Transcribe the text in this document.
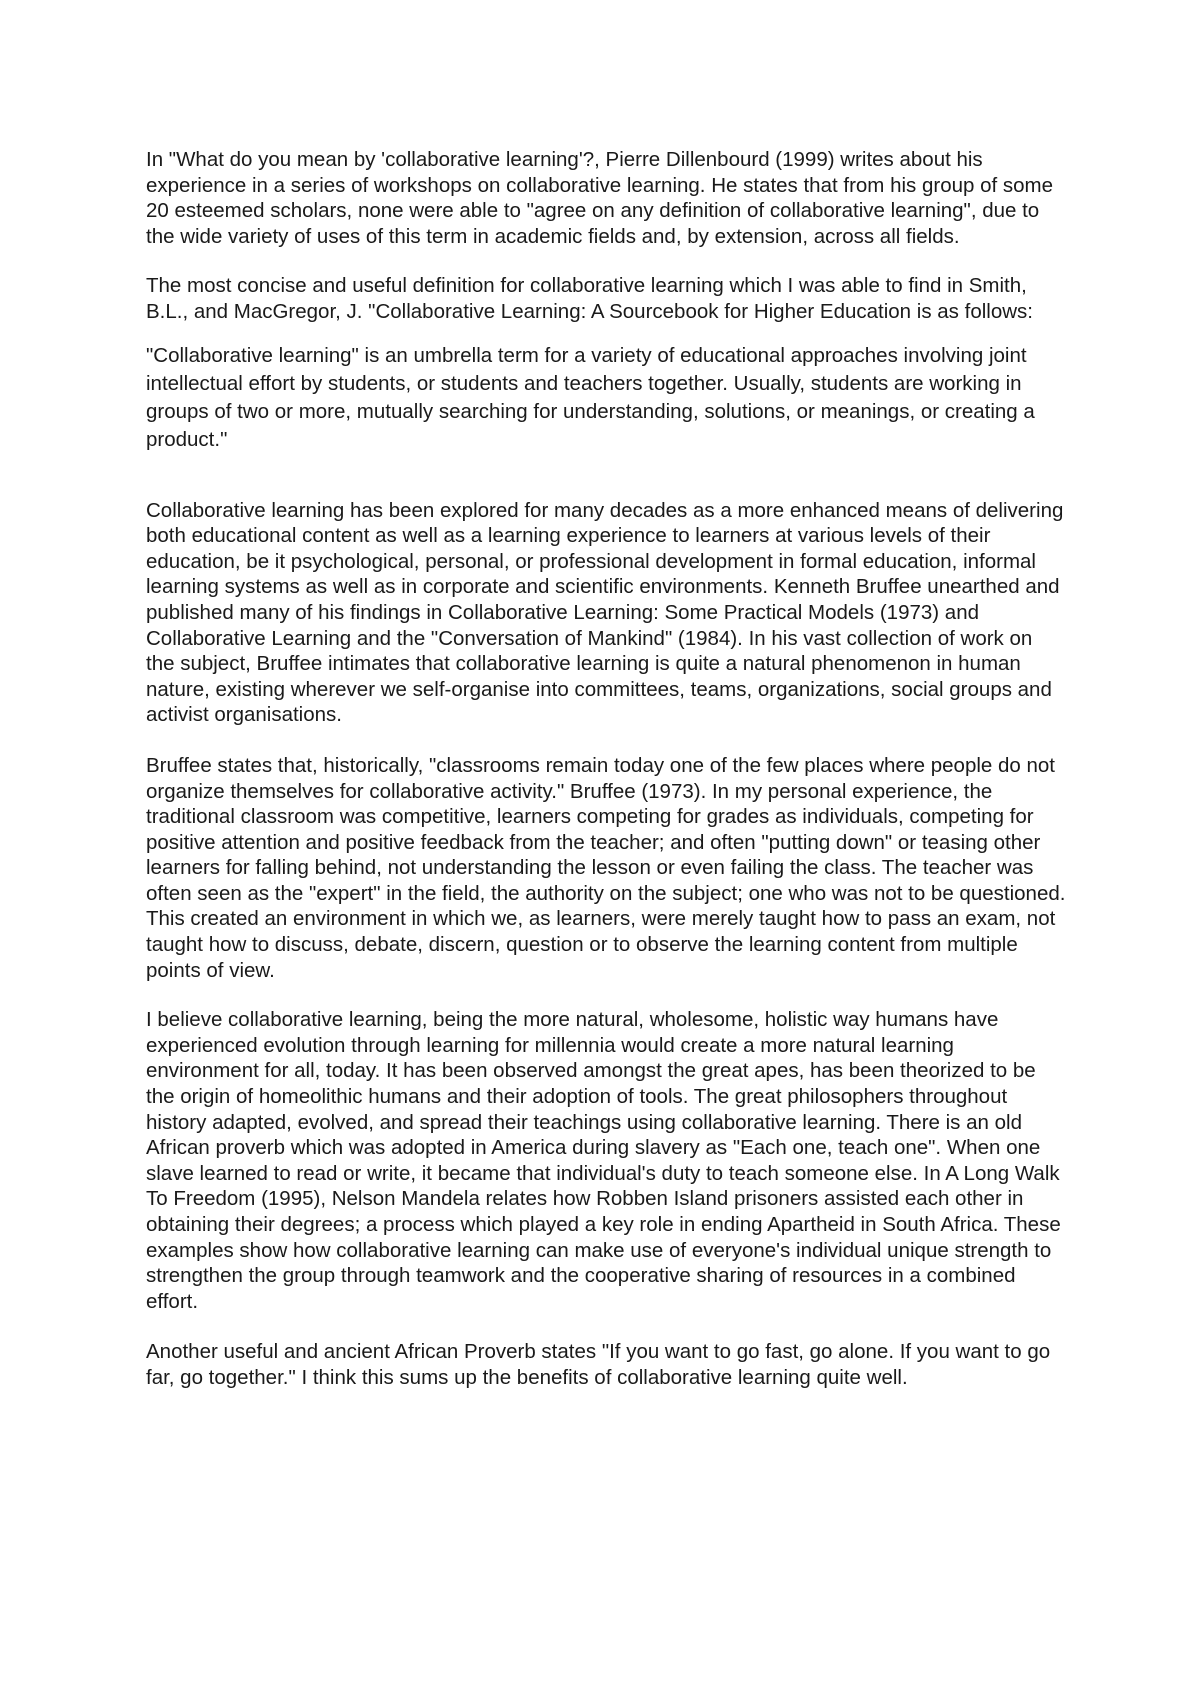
In "What do you mean by 'collaborative learning'?, Pierre Dillenbourd (1999) writes about his experience in a series of workshops on collaborative learning. He states that from his group of some 20 esteemed scholars, none were able to "agree on any definition of collaborative learning", due to the wide variety of uses of this term in academic fields and, by extension, across all fields.

The most concise and useful definition for collaborative learning which I was able to find in Smith, B.L., and MacGregor, J. "Collaborative Learning: A Sourcebook for Higher Education is as follows:

"Collaborative learning" is an umbrella term for a variety of educational approaches involving joint intellectual effort by students, or students and teachers together. Usually, students are working in groups of two or more, mutually searching for understanding, solutions, or meanings, or creating a product."

Collaborative learning has been explored for many decades as a more enhanced means of delivering both educational content as well as a learning experience to learners at various levels of their education, be it psychological, personal, or professional development in formal education, informal learning systems as well as in corporate and scientific environments. Kenneth Bruffee unearthed and published many of his findings in Collaborative Learning: Some Practical Models (1973) and Collaborative Learning and the "Conversation of Mankind" (1984). In his vast collection of work on the subject, Bruffee intimates that collaborative learning is quite a natural phenomenon in human nature, existing wherever we self-organise into committees, teams, organizations, social groups and activist organisations.

Bruffee states that, historically, "classrooms remain today one of the few places where people do not organize themselves for collaborative activity." Bruffee (1973). In my personal experience, the traditional classroom was competitive, learners competing for grades as individuals, competing for positive attention and positive feedback from the teacher; and often "putting down" or teasing other learners for falling behind, not understanding the lesson or even failing the class. The teacher was often seen as the "expert" in the field, the authority on the subject; one who was not to be questioned. This created an environment in which we, as learners, were merely taught how to pass an exam, not taught how to discuss, debate, discern, question or to observe the learning content from multiple points of view.

I believe collaborative learning, being the more natural, wholesome, holistic way humans have experienced evolution through learning for millennia would create a more natural learning environment for all, today. It has been observed amongst the great apes, has been theorized to be the origin of homeolithic humans and their adoption of tools. The great philosophers throughout history adapted, evolved, and spread their teachings using collaborative learning. There is an old African proverb which was adopted in America during slavery as "Each one, teach one". When one slave learned to read or write, it became that individual's duty to teach someone else. In A Long Walk To Freedom (1995), Nelson Mandela relates how Robben Island prisoners assisted each other in obtaining their degrees; a process which played a key role in ending Apartheid in South Africa. These examples show how collaborative learning can make use of everyone's individual unique strength to strengthen the group through teamwork and the cooperative sharing of resources in a combined effort.

Another useful and ancient African Proverb states "If you want to go fast, go alone. If you want to go far, go together." I think this sums up the benefits of collaborative learning quite well.
